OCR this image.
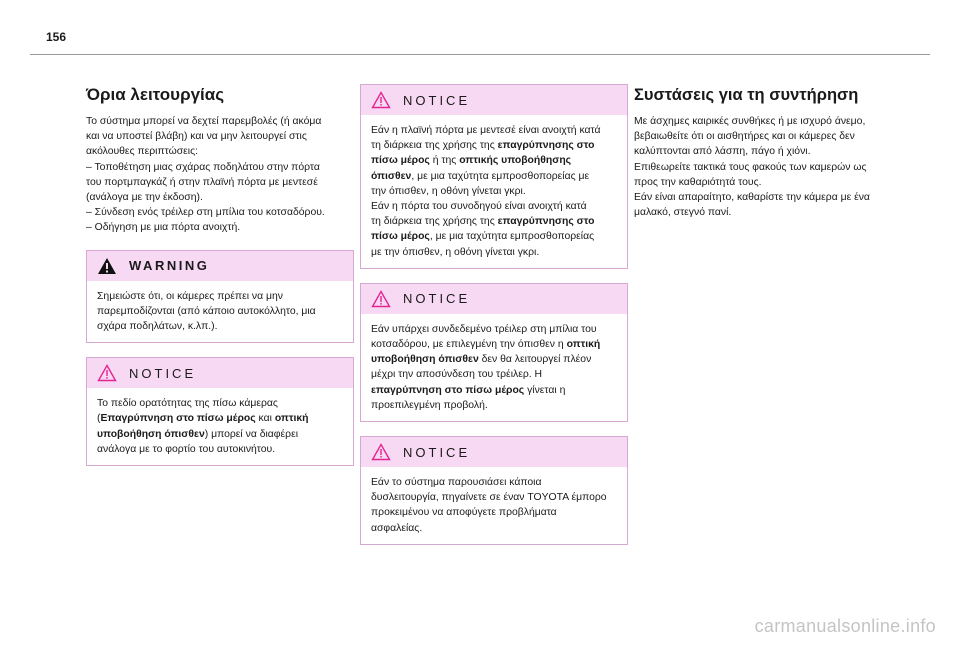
156
Όρια λειτουργίας

Το σύστημα μπορεί να δεχτεί παρεμβολές (ή ακόμα
και να υποστεί βλάβη) και να μην λειτουργεί στις
ακόλουθες περιπτώσεις:
– Τοποθέτηση μιας σχάρας ποδηλάτου στην πόρτα
του πορτμπαγκάζ ή στην πλαϊνή πόρτα με μεντεσέ
(ανάλογα με την έκδοση).
– Σύνδεση ενός τρέιλερ στη μπίλια του κοτσαδόρου.
– Οδήγηση με μια πόρτα ανοιχτή.

WARNING
Σημειώστε ότι, οι κάμερες πρέπει να μην
παρεμποδίζονται (από κάποιο αυτοκόλλητο, μια
σχάρα ποδηλάτων, κ.λπ.).
NOTICE
Το πεδίο ορατότητας της πίσω κάμερας
(Επαγρύπνηση στο πίσω μέρος και οπτική
υποβοήθηση όπισθεν) μπορεί να διαφέρει
ανάλογα με το φορτίο του αυτοκινήτου.
NOTICE
Εάν η πλαϊνή πόρτα με μεντεσέ είναι ανοιχτή κατά
τη διάρκεια της χρήσης της επαγρύπνησης στο
πίσω μέρος ή της οπτικής υποβοήθησης
όπισθεν, με μια ταχύτητα εμπροσθοπορείας με
την όπισθεν, η οθόνη γίνεται γκρι.
Εάν η πόρτα του συνοδηγού είναι ανοιχτή κατά
τη διάρκεια της χρήσης της επαγρύπνησης στο
πίσω μέρος, με μια ταχύτητα εμπροσθοπορείας
με την όπισθεν, η οθόνη γίνεται γκρι.
NOTICE
Εάν υπάρχει συνδεδεμένο τρέιλερ στη μπίλια του
κοτσαδόρου, με επιλεγμένη την όπισθεν η οπτική
υποβοήθηση όπισθεν δεν θα λειτουργεί πλέον
μέχρι την αποσύνδεση του τρέιλερ. Η
επαγρύπνηση στο πίσω μέρος γίνεται η
προεπιλεγμένη προβολή.
NOTICE
Εάν το σύστημα παρουσιάσει κάποια
δυσλειτουργία, πηγαίνετε σε έναν TOYOTA έμπορο
προκειμένου να αποφύγετε προβλήματα
ασφαλείας.
Συστάσεις για τη συντήρηση

Με άσχημες καιρικές συνθήκες ή με ισχυρό άνεμο,
βεβαιωθείτε ότι οι αισθητήρες και οι κάμερες δεν
καλύπτονται από λάσπη, πάγο ή χιόνι.
Επιθεωρείτε τακτικά τους φακούς των καμερών ως
προς την καθαριότητά τους.
Εάν είναι απαραίτητο, καθαρίστε την κάμερα με ένα
μαλακό, στεγνό πανί.

carmanualsonline.info
